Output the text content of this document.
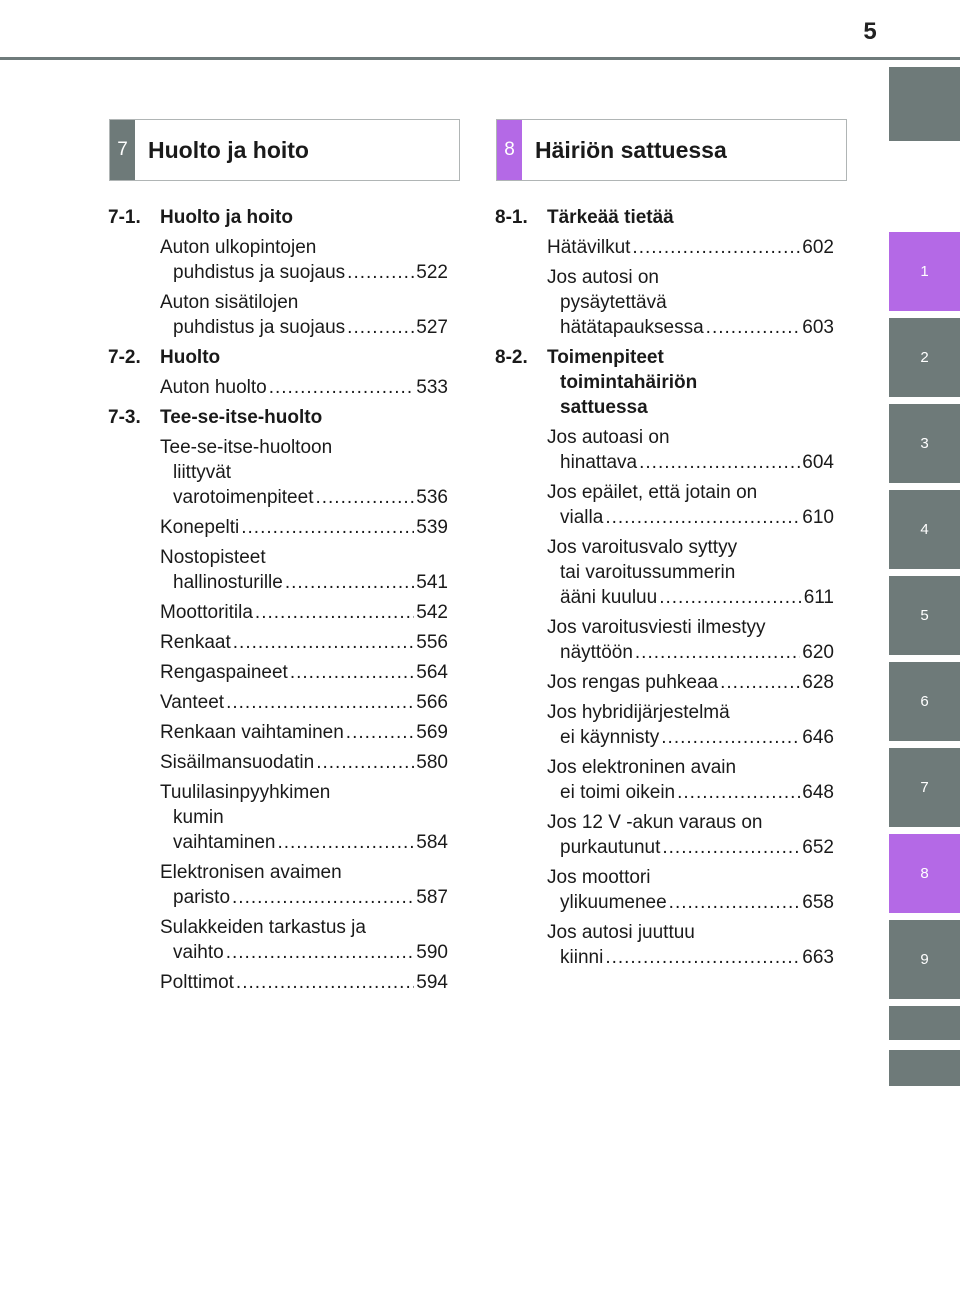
5
1
2
3
4
5
6
7
8
9
7 Huolto ja hoito	8 Häiriön sattuessa
7-1.	Huolto ja hoito
Auton ulkopintojen
puhdistus ja suojaus .....	522
Auton sisätilojen
puhdistus ja suojaus .....	527
7-2.	Huolto
Auton huolto .....	533
7-3.	Tee-se-itse-huolto
Tee-se-itse-huoltoon
liittyvät
varotoimenpiteet .....	536
Konepelti .....	539
Nostopisteet
hallinosturille .....	541
Moottoritila .....	542
Renkaat .....	556
Rengaspaineet .....	564
Vanteet .....	566
Renkaan vaihtaminen .....	569
Sisäilmansuodatin .....	580
Tuulilasinpyyhkimen
kumin
vaihtaminen .....	584
Elektronisen avaimen
paristo .....	587
Sulakkeiden tarkastus ja
vaihto .....	590
Polttimot .....	594
8-1.	Tärkeää tietää
Hätävilkut .....	602
Jos autosi on
pysäytettävä
hätätapauksessa .....	603
8-2.	Toimenpiteet
toimintahäiriön
sattuessa
Jos autoasi on
hinattava .....	604
Jos epäilet, että jotain on
vialla .....	610
Jos varoitusvalo syttyy
tai varoitussummerin
ääni kuuluu .....	611
Jos varoitusviesti ilmestyy
näyttöön .....	620
Jos rengas puhkeaa .....	628
Jos hybridijärjestelmä
ei käynnisty .....	646
Jos elektroninen avain
ei toimi oikein .....	648
Jos 12 V -akun varaus on
purkautunut .....	652
Jos moottori
ylikuumenee .....	658
Jos autosi juuttuu
kiinni .....	663
